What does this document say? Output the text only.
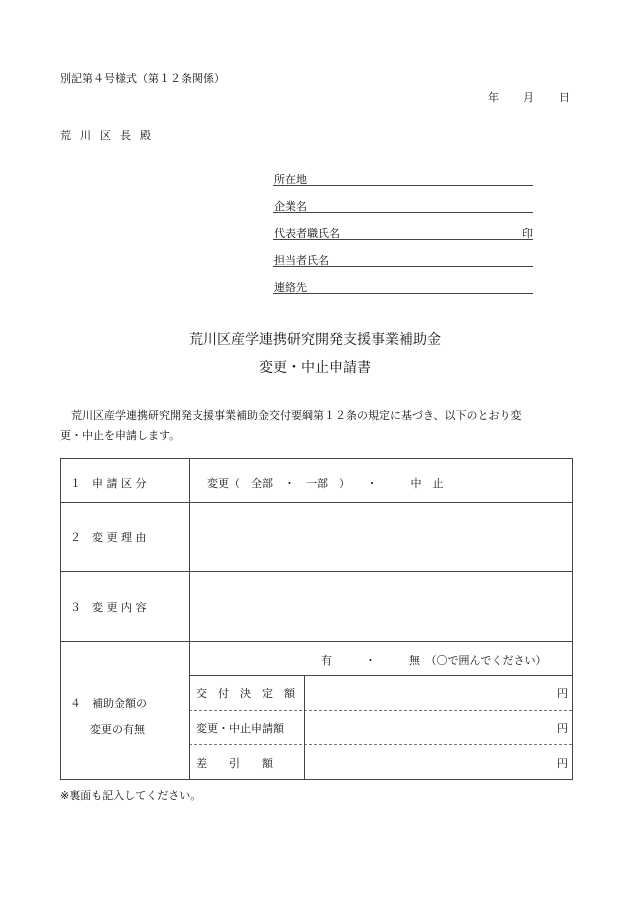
別記第４号様式（第１２条関係）
年 月 日
荒川区長殿
所在地
企業名
代表者職氏名	印
担当者氏名
連絡先
荒川区産学連携研究開発支援事業補助金
変更・中止申請書
荒川区産学連携研究開発支援事業補助金交付要綱第１２条の規定に基づき、以下のとおり変
更・中止を申請します。
１　申 請 区 分	変更（　全部　・　一部　）　　・　　　中　止
２　変 更 理 由
３　変 更 内 容
４　補助金額の
変更の有無
有　　　・　　　無　（〇で囲んでください）
交　付　決　定　額	円
変更・中止申請額	円
差　　引　　額	円
※裏面も記入してください。
